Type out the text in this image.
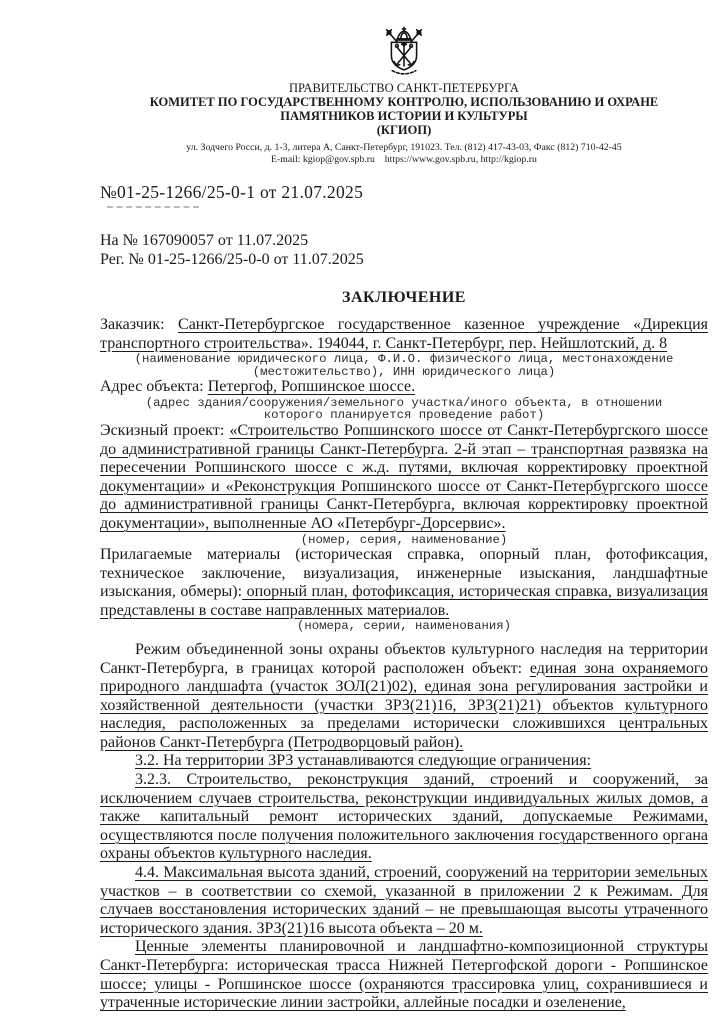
ПРАВИТЕЛЬСТВО САНКТ-ПЕТЕРБУРГА
КОМИТЕТ ПО ГОСУДАРСТВЕННОМУ КОНТРОЛЮ, ИСПОЛЬЗОВАНИЮ И ОХРАНЕ
ПАМЯТНИКОВ ИСТОРИИ И КУЛЬТУРЫ
(КГИОП)
ул. Зодчего Росси, д. 1-3, литера А, Санкт-Петербург, 191023. Тел. (812) 417-43-03, Факс (812) 710-42-45
E-mail: kgiop@gov.spb.ru    https://www.gov.spb.ru, http://kgiop.ru
№01-25-1266/25-0-1 от 21.07.2025
На № 167090057 от 11.07.2025
Рег. № 01-25-1266/25-0-0 от 11.07.2025
ЗАКЛЮЧЕНИЕ

Заказчик: Санкт-Петербургское государственное казенное учреждение «Дирекция транспортного строительства». 194044, г. Санкт-Петербург, пер. Нейшлотский, д. 8

(наименование юридического лица, Ф.И.О. физического лица, местонахождение
(местожительство), ИНН юридического лица)

Адрес объекта: Петергоф, Ропшинское шоссе.

(адрес здания/сооружения/земельного участка/иного объекта, в отношении
которого планируется проведение работ)

Эскизный проект: «Строительство Ропшинского шоссе от Санкт-Петербургского шоссе до административной границы Санкт-Петербурга. 2-й этап – транспортная развязка на пересечении Ропшинского шоссе с ж.д. путями, включая корректировку проектной документации» и «Реконструкция Ропшинского шоссе от Санкт-Петербургского шоссе до административной границы Санкт-Петербурга, включая корректировку проектной документации», выполненные АО «Петербург-Дорсервис».

(номер, серия, наименование)

Прилагаемые материалы (историческая справка, опорный план, фотофиксация, техническое заключение, визуализация, инженерные изыскания, ландшафтные изыскания, обмеры): опорный план, фотофиксация, историческая справка, визуализация представлены в составе направленных материалов.

(номера, серии, наименования)

Режим объединенной зоны охраны объектов культурного наследия на территории Санкт-Петербурга, в границах которой расположен объект: единая зона охраняемого природного ландшафта (участок ЗОЛ(21)02), единая зона регулирования застройки и хозяйственной деятельности (участки ЗРЗ(21)16, ЗРЗ(21)21) объектов культурного наследия, расположенных за пределами исторически сложившихся центральных районов Санкт-Петербурга (Петродворцовый район).

3.2. На территории ЗРЗ устанавливаются следующие ограничения:

3.2.3. Строительство, реконструкция зданий, строений и сооружений, за исключением случаев строительства, реконструкции индивидуальных жилых домов, а также капитальный ремонт исторических зданий, допускаемые Режимами, осуществляются после получения положительного заключения государственного органа охраны объектов культурного наследия.

4.4. Максимальная высота зданий, строений, сооружений на территории земельных участков – в соответствии со схемой, указанной в приложении 2 к Режимам. Для случаев восстановления исторических зданий – не превышающая высоты утраченного исторического здания. ЗРЗ(21)16 высота объекта – 20 м.

Ценные элементы планировочной и ландшафтно-композиционной структуры Санкт-Петербурга: историческая трасса Нижней Петергофской дороги - Ропшинское шоссе; улицы - Ропшинское шоссе (охраняются трассировка улиц, сохранившиеся и утраченные исторические линии застройки, аллейные посадки и озеленение,
